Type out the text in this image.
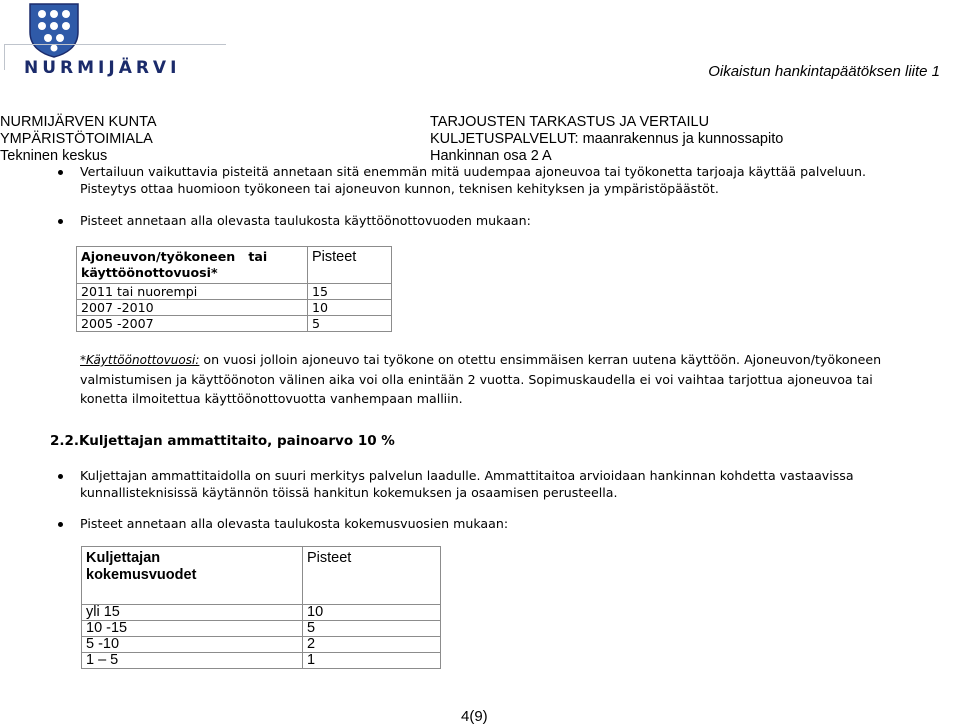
NURMIJÄRVI	Oikaistun hankintapäätöksen liite 1
NURMIJÄRVEN KUNTA
YMPÄRISTÖTOIMIALA
Tekninen keskus
TARJOUSTEN TARKASTUS JA VERTAILU
KULJETUSPALVELUT: maanrakennus ja kunnossapito
Hankinnan osa 2 A
Vertailuun vaikuttavia pisteitä annetaan sitä enemmän mitä uudempaa ajoneuvoa tai työkonetta tarjoaja käyttää palveluun.
Pisteytys ottaa huomioon työkoneen tai ajoneuvon kunnon, teknisen kehityksen ja ympäristöpäästöt.
Pisteet annetaan alla olevasta taulukosta käyttöönottovuoden mukaan:
Ajoneuvon/työkoneen   tai
käyttöönottovuosi*	Pisteet
2011 tai nuorempi	15
2007 -2010	10
2005 -2007	5
*Käyttöönottovuosi: on vuosi jolloin ajoneuvo tai työkone on otettu ensimmäisen kerran uutena käyttöön. Ajoneuvon/työkoneen
valmistumisen ja käyttöönoton välinen aika voi olla enintään 2 vuotta. Sopimuskaudella ei voi vaihtaa tarjottua ajoneuvoa tai
konetta ilmoitettua käyttöönottovuotta vanhempaan malliin.
2.2.Kuljettajan ammattitaito, painoarvo 10 %
Kuljettajan ammattitaidolla on suuri merkitys palvelun laadulle. Ammattitaitoa arvioidaan hankinnan kohdetta vastaavissa
kunnallisteknisissä käytännön töissä hankitun kokemuksen ja osaamisen perusteella.
Pisteet annetaan alla olevasta taulukosta kokemusvuosien mukaan:
Kuljettajan
kokemusvuodet	Pisteet
yli 15	10
10 -15	5
5 -10	2
1 – 5	1
4(9)
